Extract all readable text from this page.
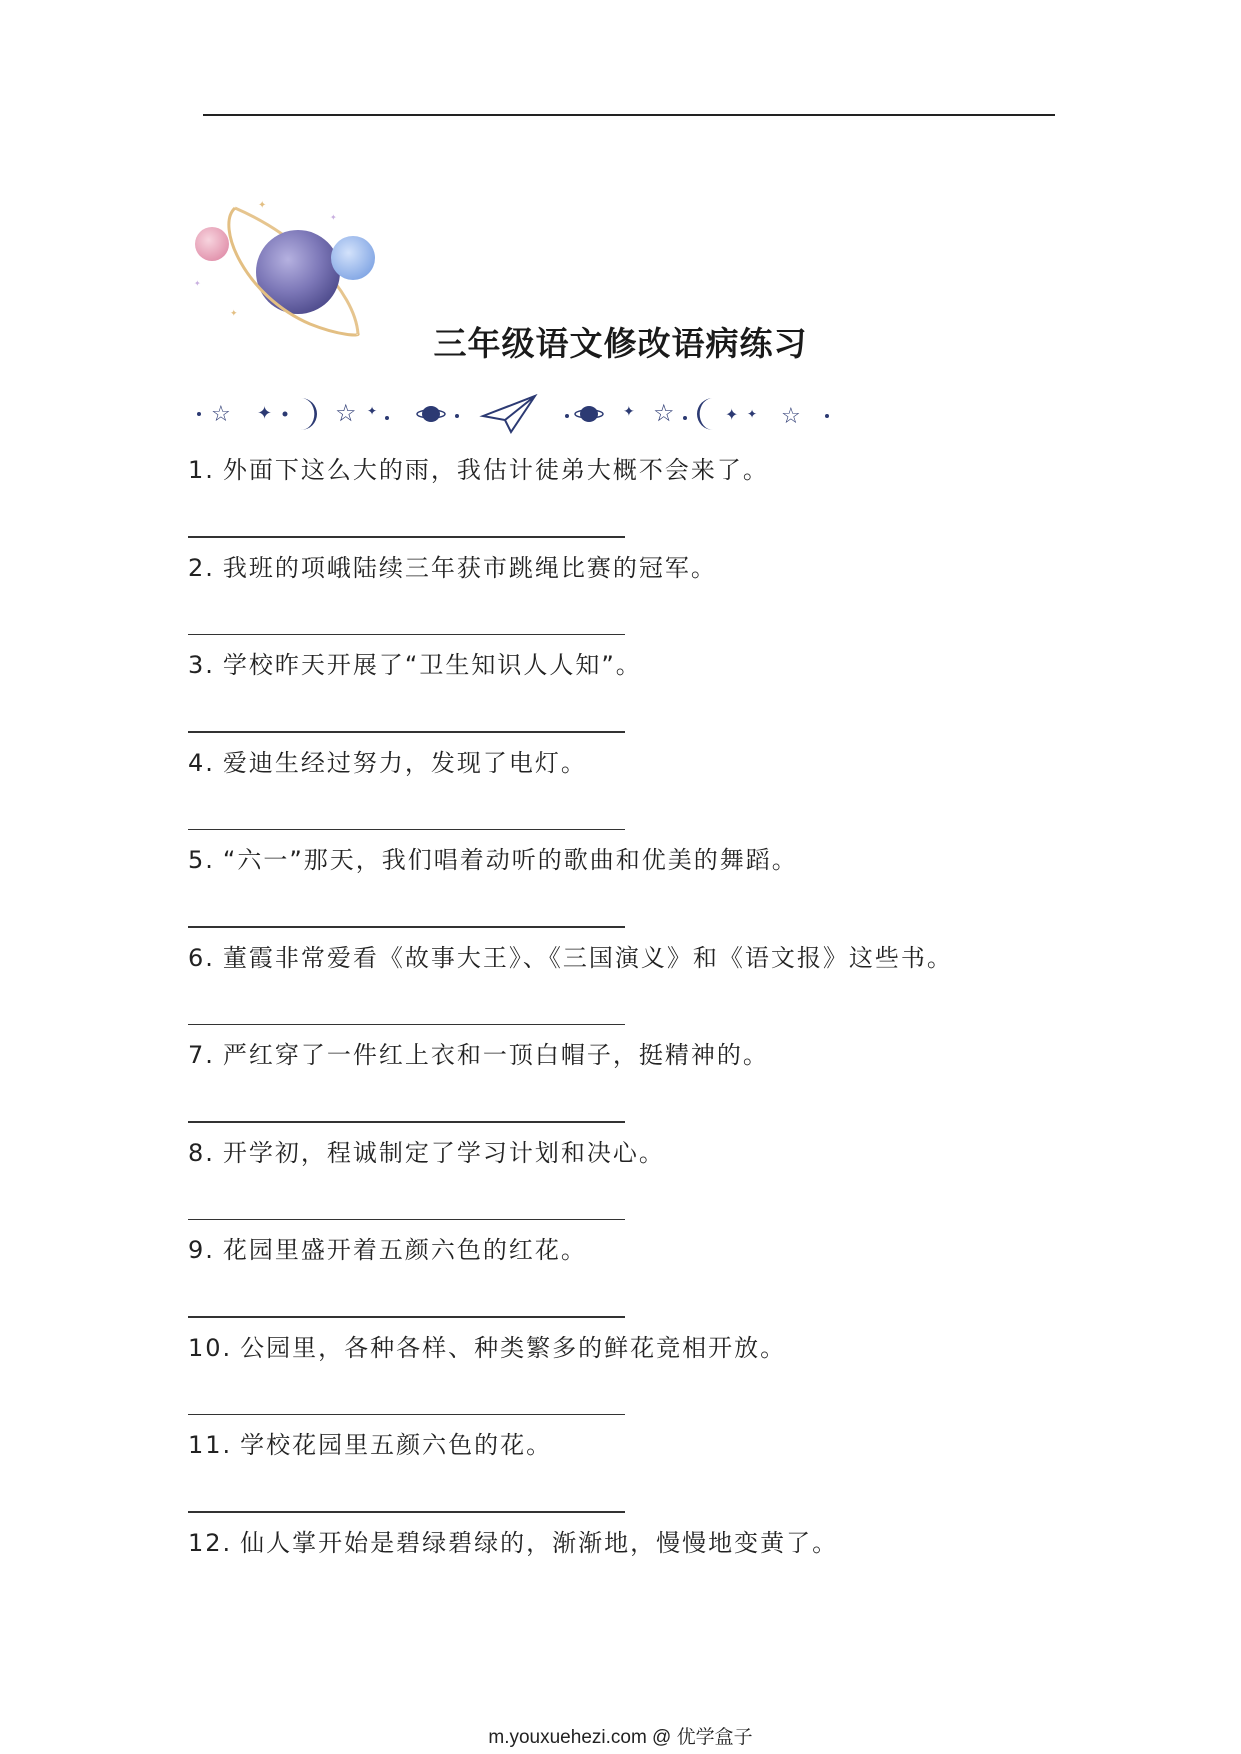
✦
✦
✦
✦
三年级语文修改语病练习
☆ ✦	☆ ✦	✦ ☆	✦ ✦ ☆
1. 外面下这么大的雨，我估计徒弟大概不会来了。
2. 我班的项峨陆续三年获市跳绳比赛的冠军。
3. 学校昨天开展了“卫生知识人人知”。
4. 爱迪生经过努力，发现了电灯。
5. “六一”那天，我们唱着动听的歌曲和优美的舞蹈。
6. 董霞非常爱看《故事大王》、《三国演义》和《语文报》这些书。
7. 严红穿了一件红上衣和一顶白帽子，挺精神的。
8. 开学初，程诚制定了学习计划和决心。
9. 花园里盛开着五颜六色的红花。
10. 公园里，各种各样、种类繁多的鲜花竞相开放。
11. 学校花园里五颜六色的花。
12. 仙人掌开始是碧绿碧绿的，渐渐地，慢慢地变黄了。
m.youxuehezi.com @ 优学盒子
